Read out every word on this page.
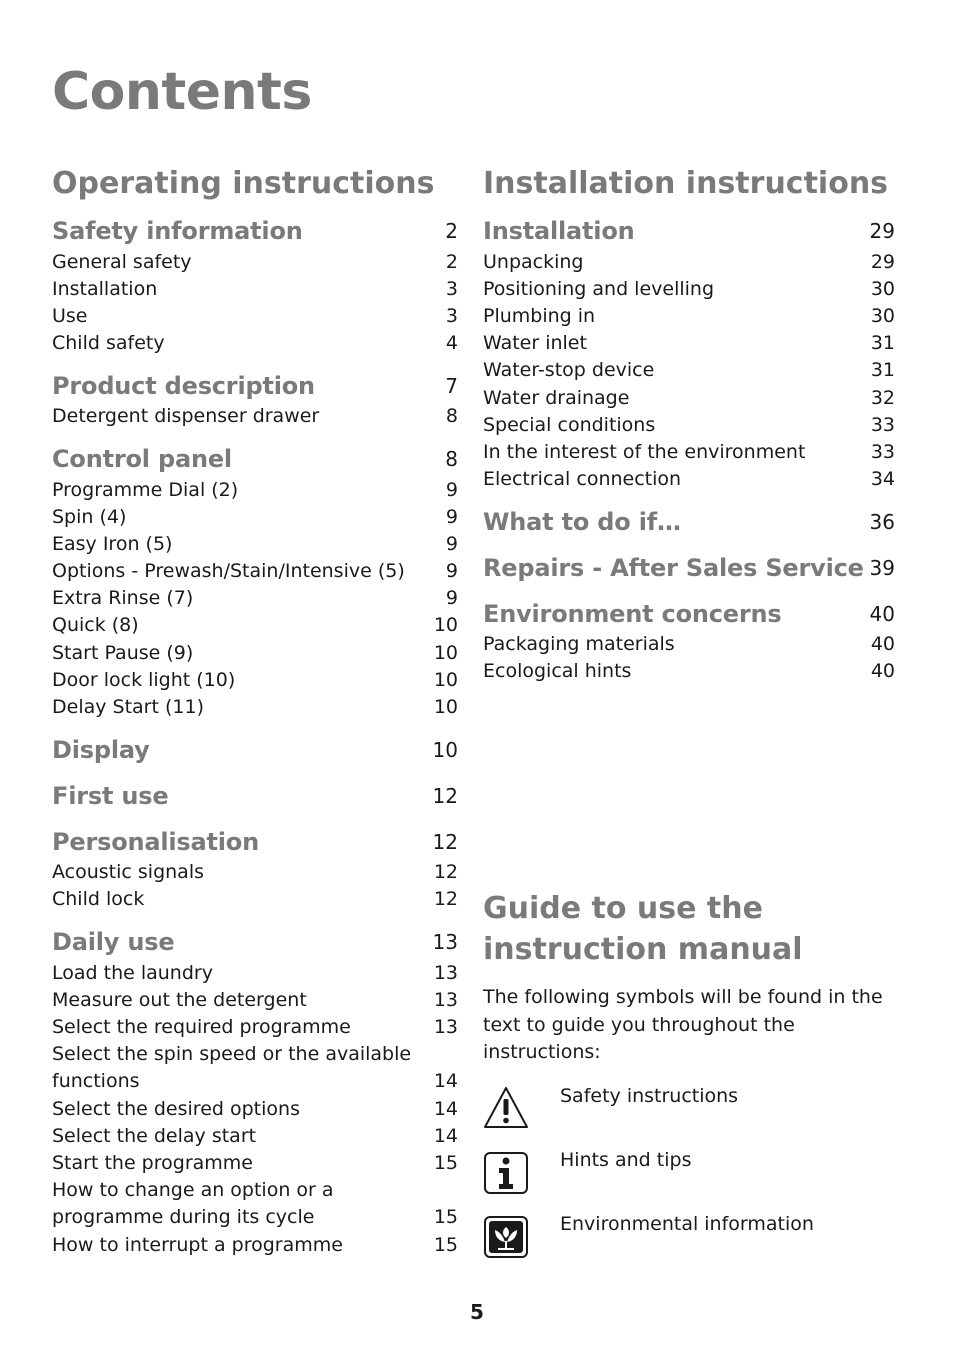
Contents
Operating instructions
Safety information	2
General safety	2
Installation	3
Use	3
Child safety	4
Product description	7
Detergent dispenser drawer	8
Control panel	8
Programme Dial (2)	9
Spin (4)	9
Easy Iron (5)	9
Options - Prewash/Stain/Intensive (5) 9
Extra Rinse (7)	9
Quick (8)	10
Start Pause (9)	10
Door lock light (10)	10
Delay Start (11)	10
Display	10
First use	12
Personalisation	12
Acoustic signals	12
Child lock	12
Daily use	13
Load the laundry	13
Measure out the detergent	13
Select the required programme	13
Select the spin speed or the available functions	14
Select the desired options	14
Select the delay start	14
Start the programme	15
How to change an option or a programme during its cycle	15
How to interrupt a programme	15
Installation instructions
Installation	29
Unpacking	29
Positioning and levelling	30
Plumbing in	30
Water inlet	31
Water-stop device	31
Water drainage	32
Special conditions	33
In the interest of the environment	33
Electrical connection	34
What to do if…	36
Repairs - After Sales Service 39
Environment concerns	40
Packaging materials	40
Ecological hints	40
Guide to use the instruction manual
The following symbols will be found in the text to guide you throughout the instructions:
Safety instructions
Hints and tips
Environmental information
5
